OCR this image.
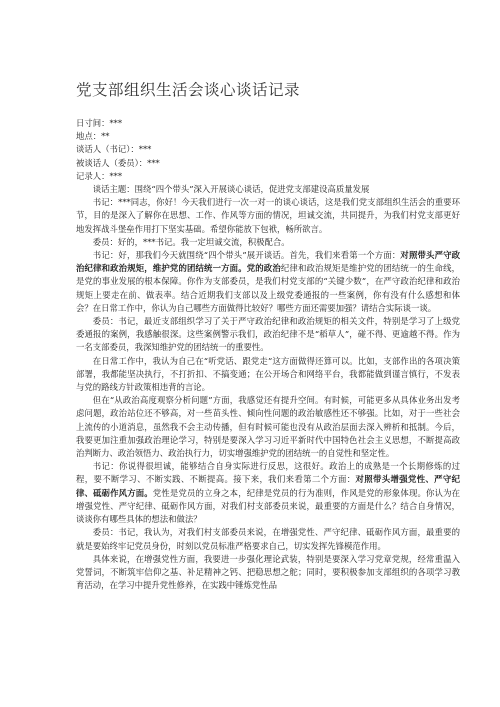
党支部组织生活会谈心谈话记录

日寸间：***

地点：**

谈话人（书记）：***

被谈话人（委员）：***

记录人：***

谈话主题：围绕“四个带头”深入开展谈心谈话，促进党支部建设高质量发展

书记：***同志，你好！今天我们进行一次一对一的谈心谈话，这是我们党支部组织生活会的重要环节，目的是深入了解你在思想、工作、作风等方面的情况，坦诚交流，共同提升，为我们村党支部更好地发挥战斗堡垒作用打下坚实基础。希望你能放下包袱，畅所欲言。

委员：好的，***书记。我一定坦诚交流，积极配合。

书记：好，那我们今天就围绕“四个带头”展开谈话。首先，我们来看第一个方面：对照带头严守政治纪律和政治规矩，维护党的团结统一方面。党的政治纪律和政治规矩是维护党的团结统一的生命线，是党的事业发展的根本保障。你作为支部委员，是我们村党支部的“关键少数”，在严守政治纪律和政治规矩上要走在前、做表率。结合近期我们支部以及上级党委通报的一些案例，你有没有什么感想和体会？在日常工作中，你认为自己哪些方面做得比较好？哪些方面还需要加强？请结合实际谈一谈。

委员：书记，最近支部组织学习了关于严守政治纪律和政治规矩的相关文件，特别是学习了上级党委通报的案例，我感触很深。这些案例警示我们，政治纪律不是“稻草人”，碰不得、更逾越不得。作为一名支部委员，我深知维护党的团结统一的重要性。

在日常工作中，我认为自己在“听党话、跟党走”这方面做得还算可以。比如，支部作出的各项决策部署，我都能坚决执行，不打折扣、不搞变通；在公开场合和网络平台，我都能做到谨言慎行，不发表与党的路线方针政策相违背的言论。

但在“从政治高度观察分析问题”方面，我感觉还有提升空间。有时候，可能更多从具体业务出发考虑问题，政治站位还不够高，对一些苗头性、倾向性问题的政治敏感性还不够强。比如，对于一些社会上流传的小道消息，虽然我不会主动传播，但有时候可能也没有从政治层面去深入辨析和抵制。今后，我要更加注重加强政治理论学习，特别是要深入学习习近平新时代中国特色社会主义思想，不断提高政治判断力、政治领悟力、政治执行力，切实增强维护党的团结统一的自觉性和坚定性。

书记：你说得很坦诚，能够结合自身实际进行反思，这很好。政治上的成熟是一个长期修炼的过程，要不断学习、不断实践、不断提高。接下来，我们来看第二个方面：对照带头增强党性、严守纪律、砥砺作风方面。党性是党员的立身之本，纪律是党员的行为准则，作风是党的形象体现。你认为在增强党性、严守纪律、砥砺作风方面，对我们村支部委员来说，最重要的方面是什么？结合自身情况，谈谈你有哪些具体的想法和做法？

委员：书记，我认为，对我们村支部委员来说，在增强党性、严守纪律、砥砺作风方面，最重要的就是要始终牢记党员身份，时刻以党员标准严格要求自己，切实发挥先锋模范作用。

具体来说，在增强党性方面，我要进一步强化理论武装，特别是要深入学习党章党规，经常重温入党誓词，不断筑牢信仰之基、补足精神之钙、把稳思想之舵；同时，要积极参加支部组织的各项学习教育活动，在学习中提升党性修养，在实践中锤炼党性品
